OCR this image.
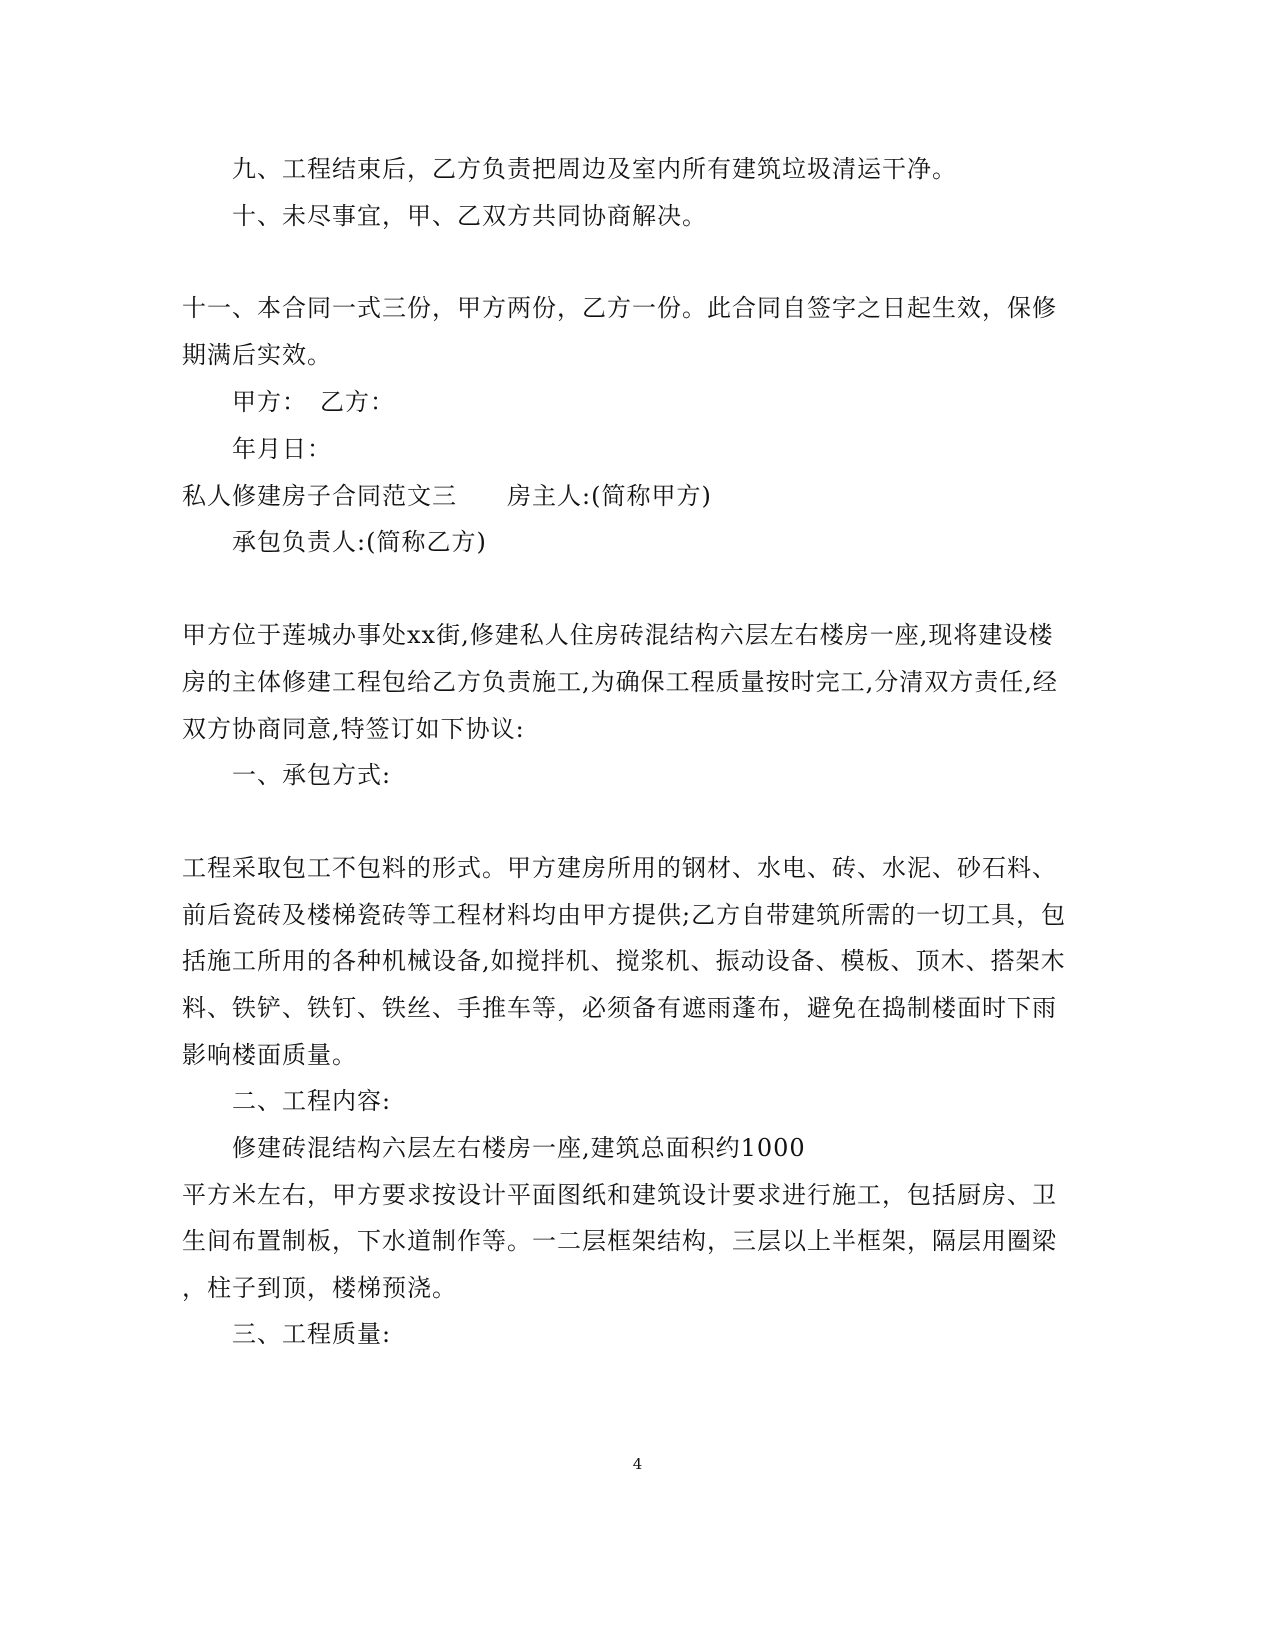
九、工程结束后，乙方负责把周边及室内所有建筑垃圾清运干净。
十、未尽事宜，甲、乙双方共同协商解决。
十一、本合同一式三份，甲方两份，乙方一份。此合同自签字之日起生效，保修
期满后实效。
甲方：　乙方：
年月日：
私人修建房子合同范文三　　房主人:(简称甲方)
承包负责人:(简称乙方)
甲方位于莲城办事处xx街,修建私人住房砖混结构六层左右楼房一座,现将建设楼
房的主体修建工程包给乙方负责施工,为确保工程质量按时完工,分清双方责任,经
双方协商同意,特签订如下协议:
一、承包方式:
工程采取包工不包料的形式。甲方建房所用的钢材、水电、砖、水泥、砂石料、
前后瓷砖及楼梯瓷砖等工程材料均由甲方提供;乙方自带建筑所需的一切工具，包
括施工所用的各种机械设备,如搅拌机、搅浆机、振动设备、模板、顶木、搭架木
料、铁铲、铁钉、铁丝、手推车等，必须备有遮雨蓬布，避免在捣制楼面时下雨
影响楼面质量。
二、工程内容:
修建砖混结构六层左右楼房一座,建筑总面积约1000
平方米左右，甲方要求按设计平面图纸和建筑设计要求进行施工，包括厨房、卫
生间布置制板，下水道制作等。一二层框架结构，三层以上半框架，隔层用圈梁
，柱子到顶，楼梯预浇。
三、工程质量:
4
